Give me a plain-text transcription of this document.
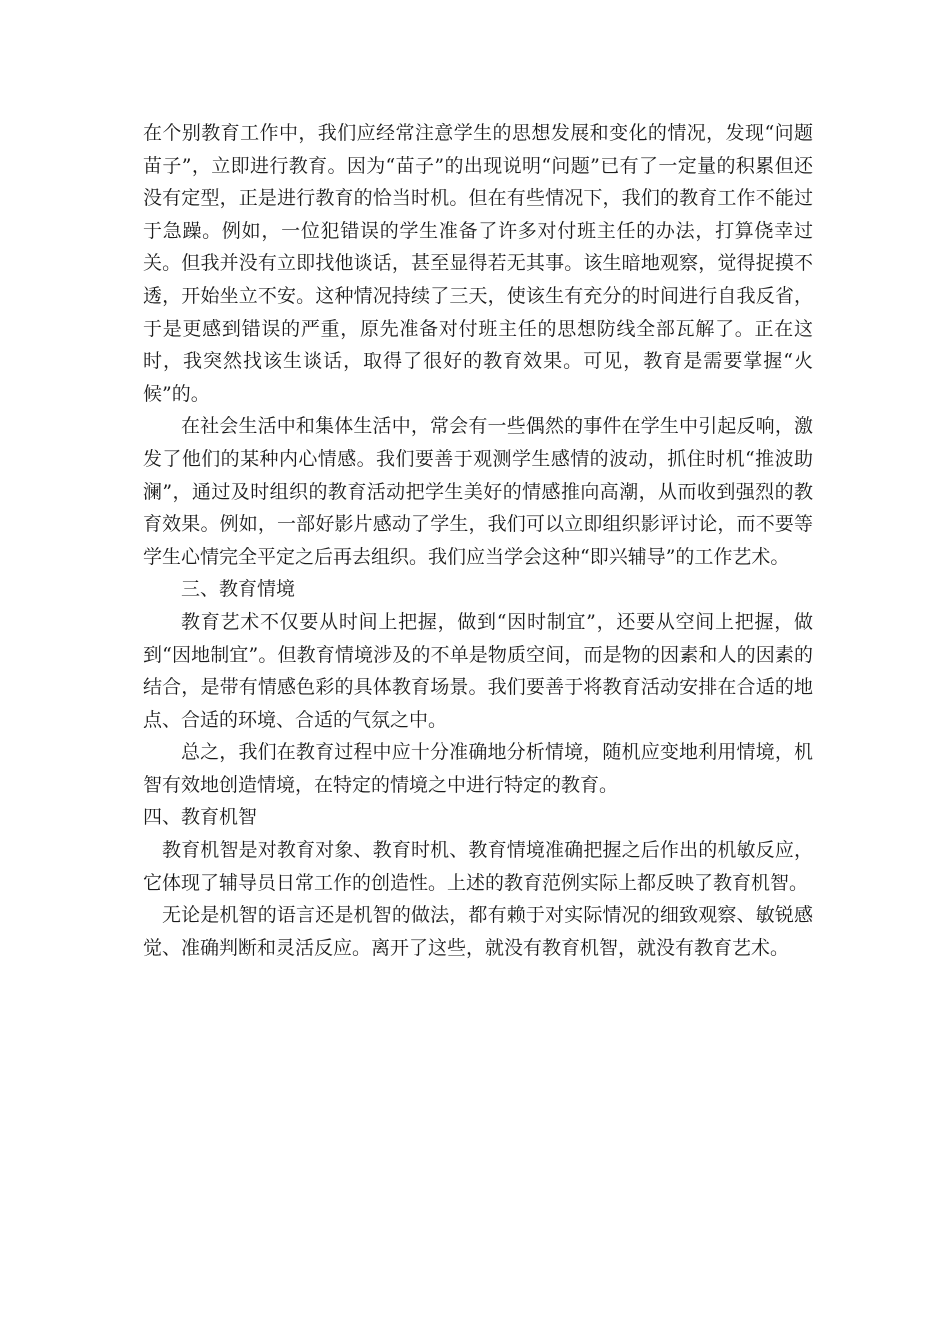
在个别教育工作中，我们应经常注意学生的思想发展和变化的情况，发现“问题苗子”，立即进行教育。因为“苗子”的出现说明“问题”已有了一定量的积累但还没有定型，正是进行教育的恰当时机。但在有些情况下，我们的教育工作不能过于急躁。例如，一位犯错误的学生准备了许多对付班主任的办法，打算侥幸过关。但我并没有立即找他谈话，甚至显得若无其事。该生暗地观察，觉得捉摸不透，开始坐立不安。这种情况持续了三天，使该生有充分的时间进行自我反省，于是更感到错误的严重，原先准备对付班主任的思想防线全部瓦解了。正在这时，我突然找该生谈话，取得了很好的教育效果。可见，教育是需要掌握“火候”的。

在社会生活中和集体生活中，常会有一些偶然的事件在学生中引起反响，激发了他们的某种内心情感。我们要善于观测学生感情的波动，抓住时机“推波助澜”，通过及时组织的教育活动把学生美好的情感推向高潮，从而收到强烈的教育效果。例如，一部好影片感动了学生，我们可以立即组织影评讨论，而不要等学生心情完全平定之后再去组织。我们应当学会这种“即兴辅导”的工作艺术。

三、教育情境

教育艺术不仅要从时间上把握，做到“因时制宜”，还要从空间上把握，做到“因地制宜”。但教育情境涉及的不单是物质空间，而是物的因素和人的因素的结合，是带有情感色彩的具体教育场景。我们要善于将教育活动安排在合适的地点、合适的环境、合适的气氛之中。

总之，我们在教育过程中应十分准确地分析情境，随机应变地利用情境，机智有效地创造情境，在特定的情境之中进行特定的教育。

四、教育机智

教育机智是对教育对象、教育时机、教育情境准确把握之后作出的机敏反应，它体现了辅导员日常工作的创造性。上述的教育范例实际上都反映了教育机智。

无论是机智的语言还是机智的做法，都有赖于对实际情况的细致观察、敏锐感觉、准确判断和灵活反应。离开了这些，就没有教育机智，就没有教育艺术。
